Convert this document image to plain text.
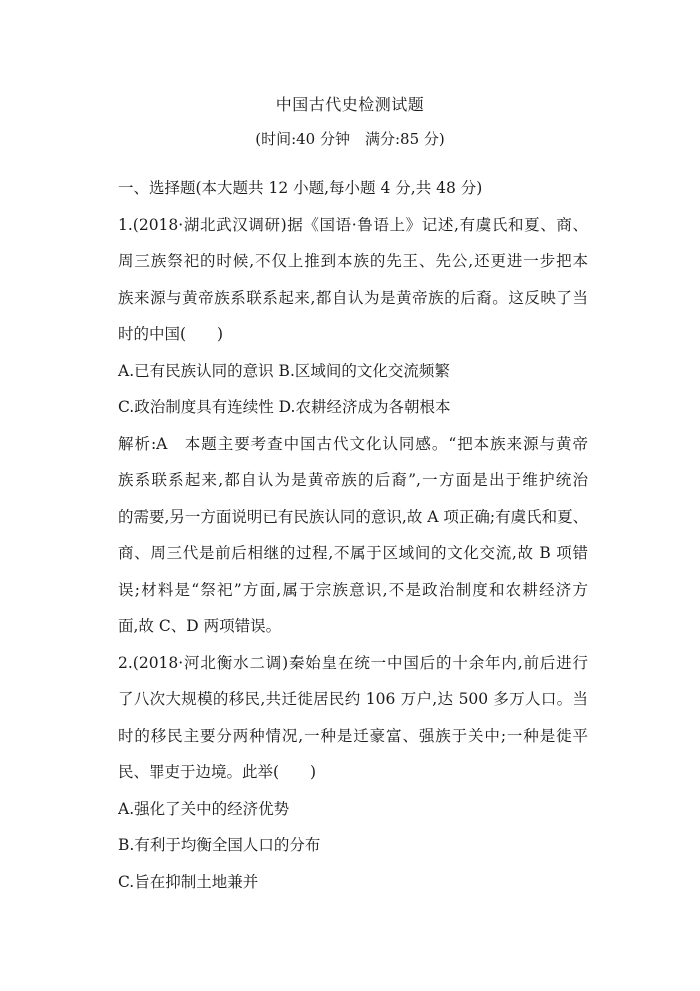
中国古代史检测试题
(时间:40 分钟　满分:85 分)
一、选择题(本大题共 12 小题,每小题 4 分,共 48 分)
1.(2018·湖北武汉调研)据《国语·鲁语上》记述,有虞氏和夏、商、
周三族祭祀的时候,不仅上推到本族的先王、先公,还更进一步把本
族来源与黄帝族系联系起来,都自认为是黄帝族的后裔。这反映了当
时的中国(　　)
A.已有民族认同的意识 B.区域间的文化交流频繁
C.政治制度具有连续性 D.农耕经济成为各朝根本
解析:A　本题主要考查中国古代文化认同感。“把本族来源与黄帝
族系联系起来,都自认为是黄帝族的后裔”,一方面是出于维护统治
的需要,另一方面说明已有民族认同的意识,故 A 项正确;有虞氏和夏、
商、周三代是前后相继的过程,不属于区域间的文化交流,故 B 项错
误;材料是“祭祀”方面,属于宗族意识,不是政治制度和农耕经济方
面,故 C、D 两项错误。
2.(2018·河北衡水二调)秦始皇在统一中国后的十余年内,前后进行
了八次大规模的移民,共迁徙居民约 106 万户,达 500 多万人口。当
时的移民主要分两种情况,一种是迁豪富、强族于关中;一种是徙平
民、罪吏于边境。此举(　　)
A.强化了关中的经济优势
B.有利于均衡全国人口的分布
C.旨在抑制土地兼并
